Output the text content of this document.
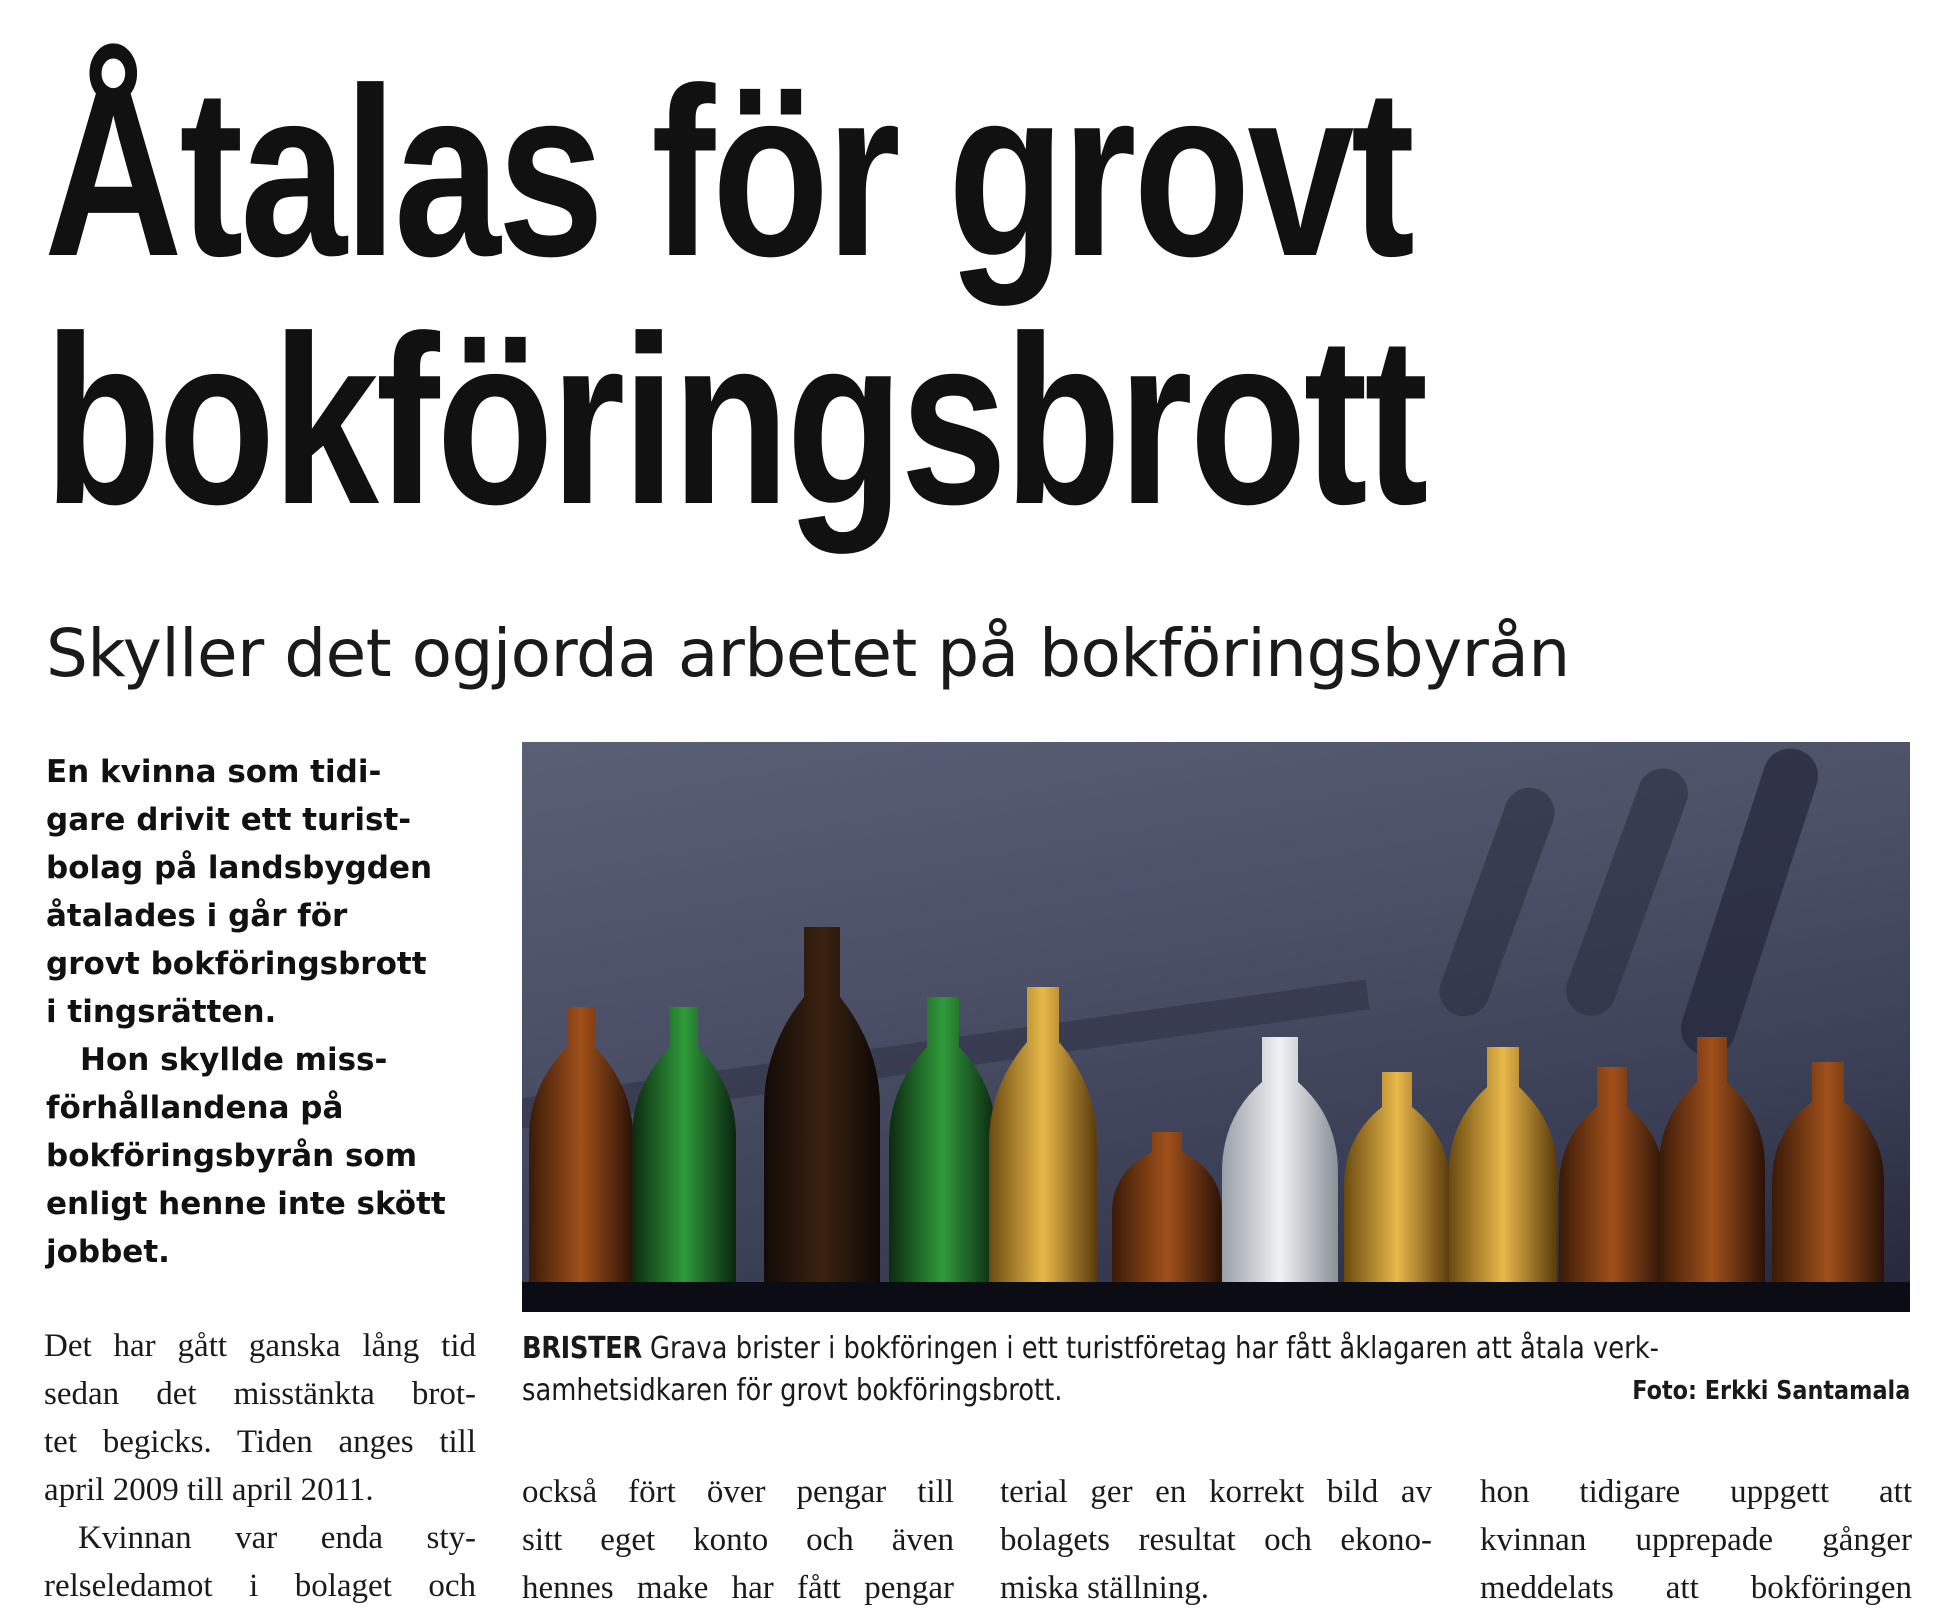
Åtalas för grovt
bokföringsbrott
Skyller det ogjorda arbetet på bokföringsbyrån
En kvinna som tidi-
gare drivit ett turist-
bolag på landsbygden
åtalades i går för
grovt bokföringsbrott
i tingsrätten.
Hon skyllde miss-
förhållandena på
bokföringsbyrån som
enligt henne inte skött
jobbet.
BRISTER Grava brister i bokföringen i ett turistföretag har fått åklagaren att åtala verk-
samhetsidkaren för grovt bokföringsbrott.	Foto: Erkki Santamala
Det har gått ganska lång tid
sedan det misstänkta brot-
tet begicks. Tiden anges till
april 2009 till april 2011.
Kvinnan var enda sty-
relseledamot i bolaget och
också fört över pengar till
sitt eget konto och även
hennes make har fått pengar
terial ger en korrekt bild av
bolagets resultat och ekono-
miska ställning.
hon tidigare uppgett att
kvinnan upprepade gånger
meddelats att bokföringen
